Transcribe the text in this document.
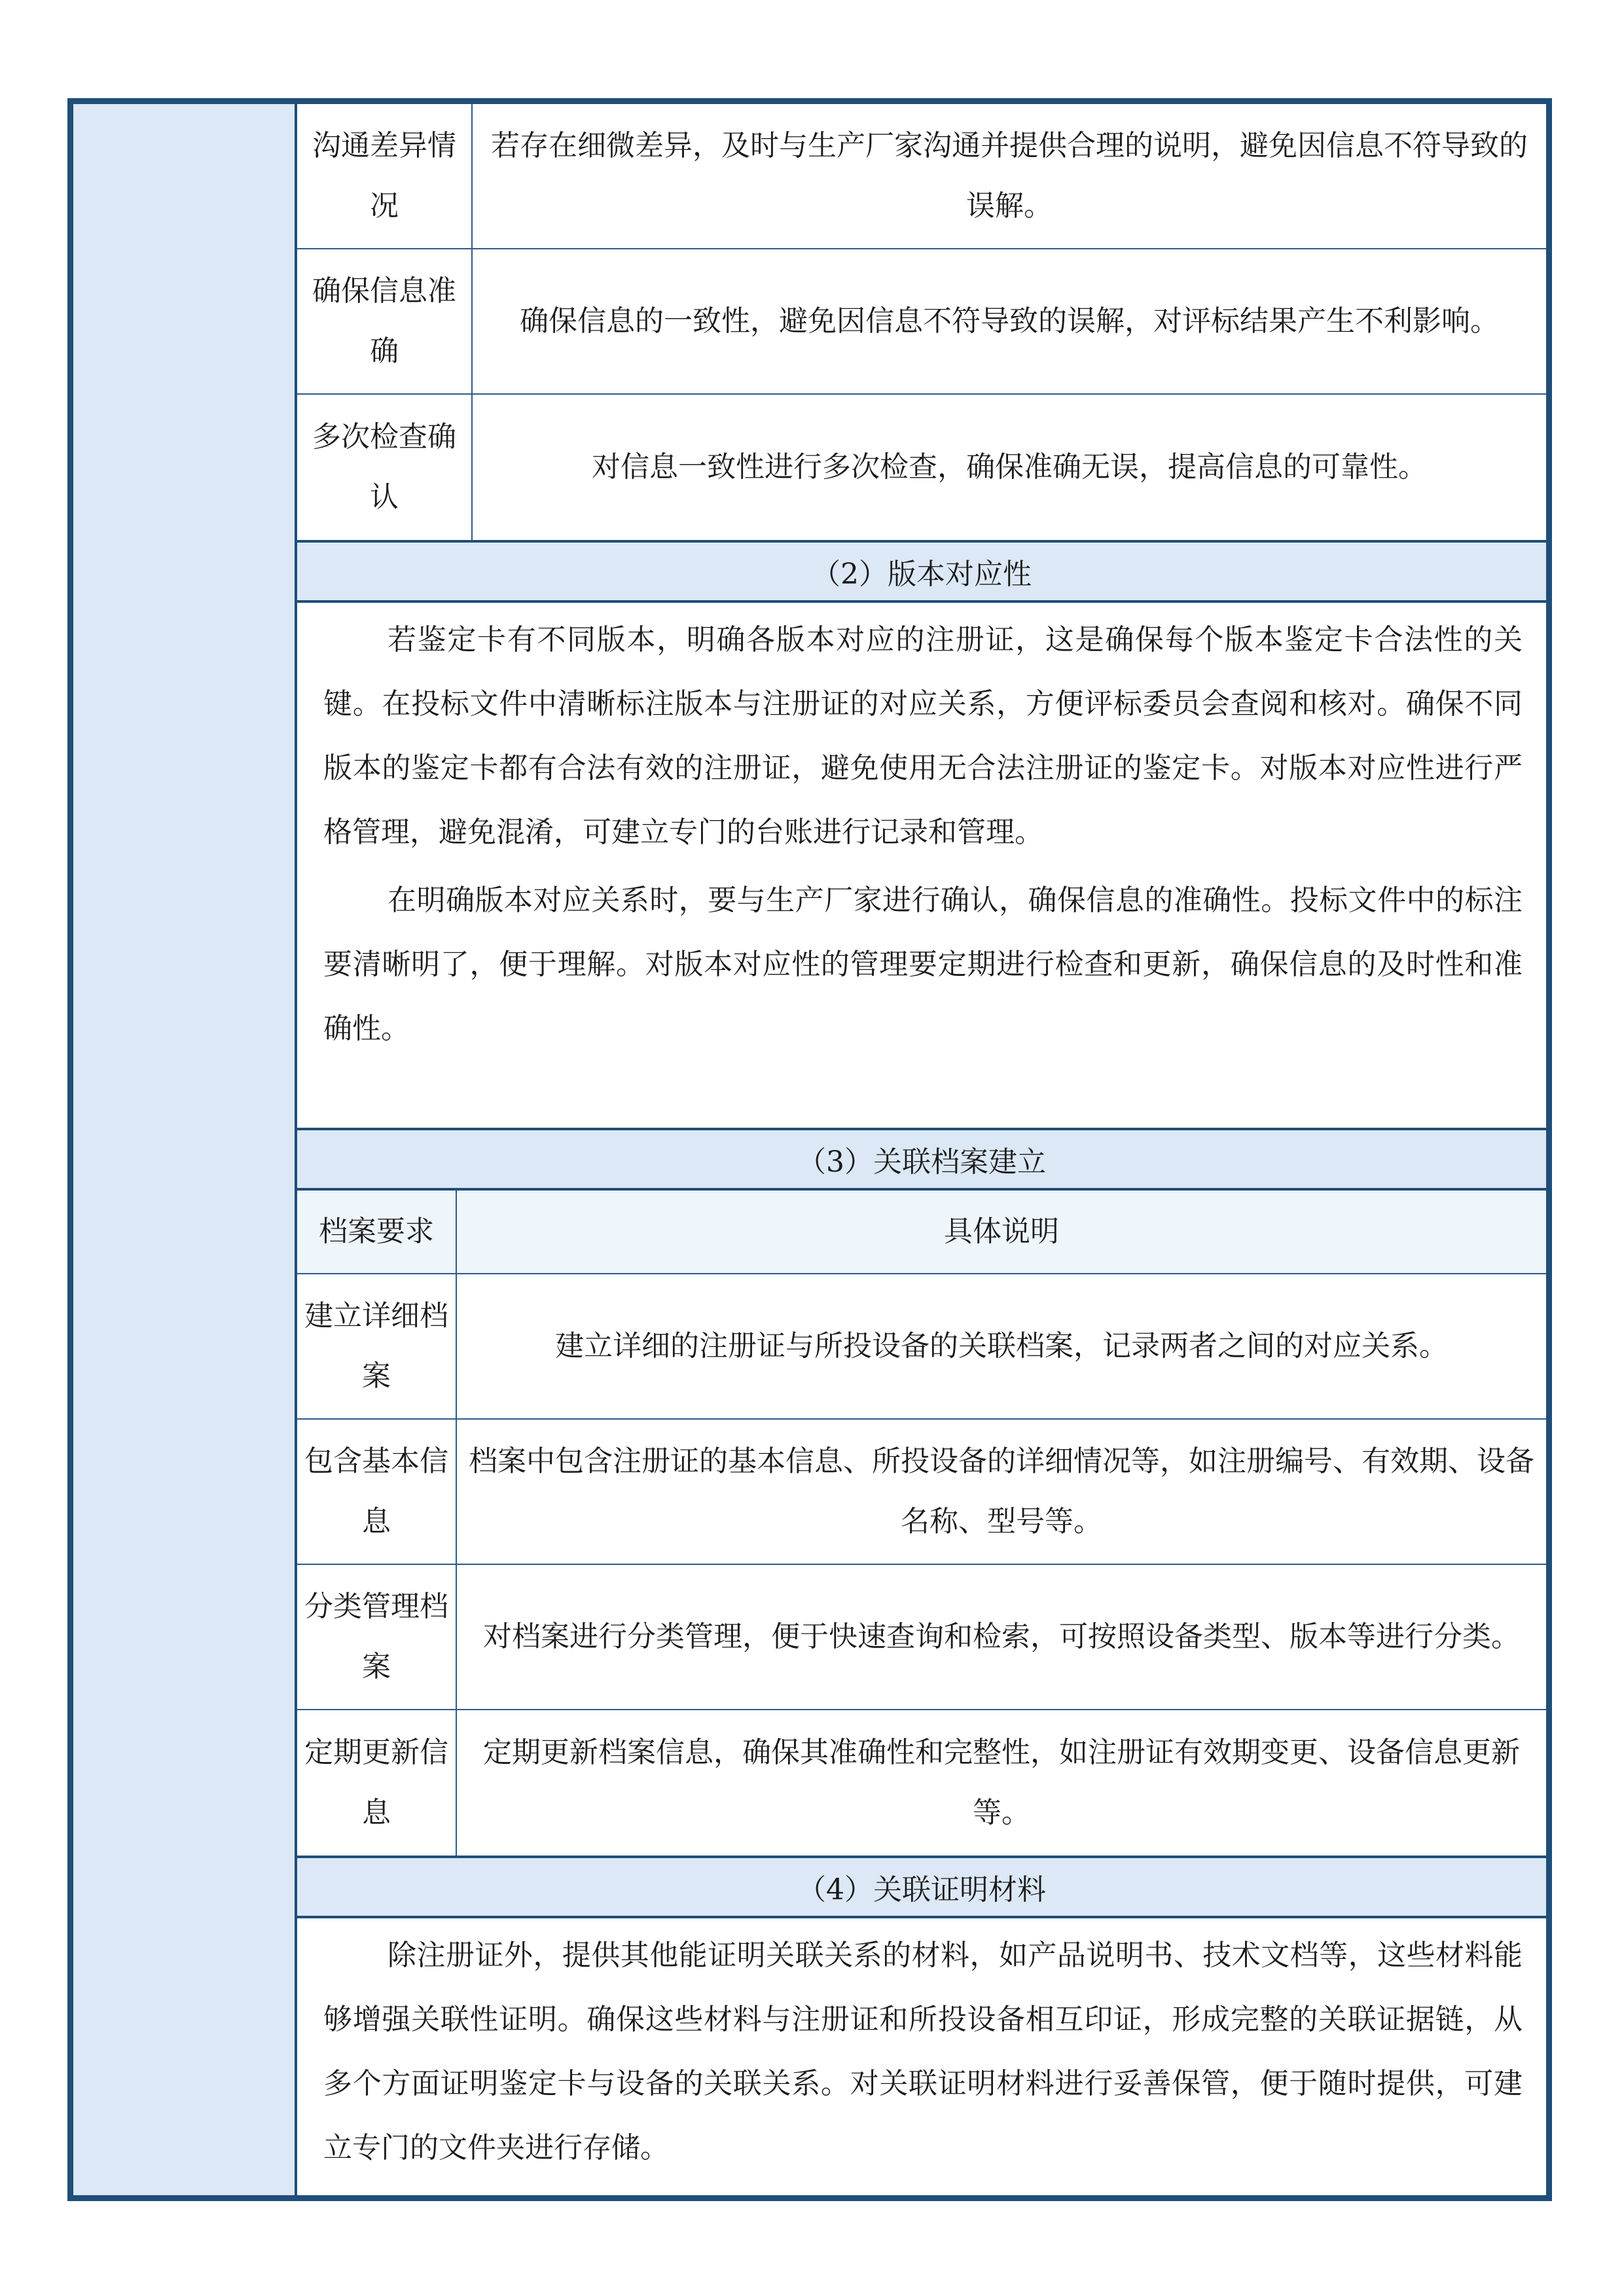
沟通差异情况
若存在细微差异，及时与生产厂家沟通并提供合理的说明，避免因信息不符导致的误解。
确保信息准确
确保信息的一致性，避免因信息不符导致的误解，对评标结果产生不利影响。
多次检查确认
对信息一致性进行多次检查，确保准确无误，提高信息的可靠性。
（2）版本对应性

若鉴定卡有不同版本，明确各版本对应的注册证，这是确保每个版本鉴定卡合法性的关键。在投标文件中清晰标注版本与注册证的对应关系，方便评标委员会查阅和核对。确保不同版本的鉴定卡都有合法有效的注册证，避免使用无合法注册证的鉴定卡。对版本对应性进行严格管理，避免混淆，可建立专门的台账进行记录和管理。

在明确版本对应关系时，要与生产厂家进行确认，确保信息的准确性。投标文件中的标注要清晰明了，便于理解。对版本对应性的管理要定期进行检查和更新，确保信息的及时性和准确性。

（3）关联档案建立
档案要求	具体说明
建立详细档案
建立详细的注册证与所投设备的关联档案，记录两者之间的对应关系。
包含基本信息
档案中包含注册证的基本信息、所投设备的详细情况等，如注册编号、有效期、设备名称、型号等。
分类管理档案
对档案进行分类管理，便于快速查询和检索，可按照设备类型、版本等进行分类。
定期更新信息
定期更新档案信息，确保其准确性和完整性，如注册证有效期变更、设备信息更新等。
（4）关联证明材料

除注册证外，提供其他能证明关联关系的材料，如产品说明书、技术文档等，这些材料能够增强关联性证明。确保这些材料与注册证和所投设备相互印证，形成完整的关联证据链，从多个方面证明鉴定卡与设备的关联关系。对关联证明材料进行妥善保管，便于随时提供，可建立专门的文件夹进行存储。
